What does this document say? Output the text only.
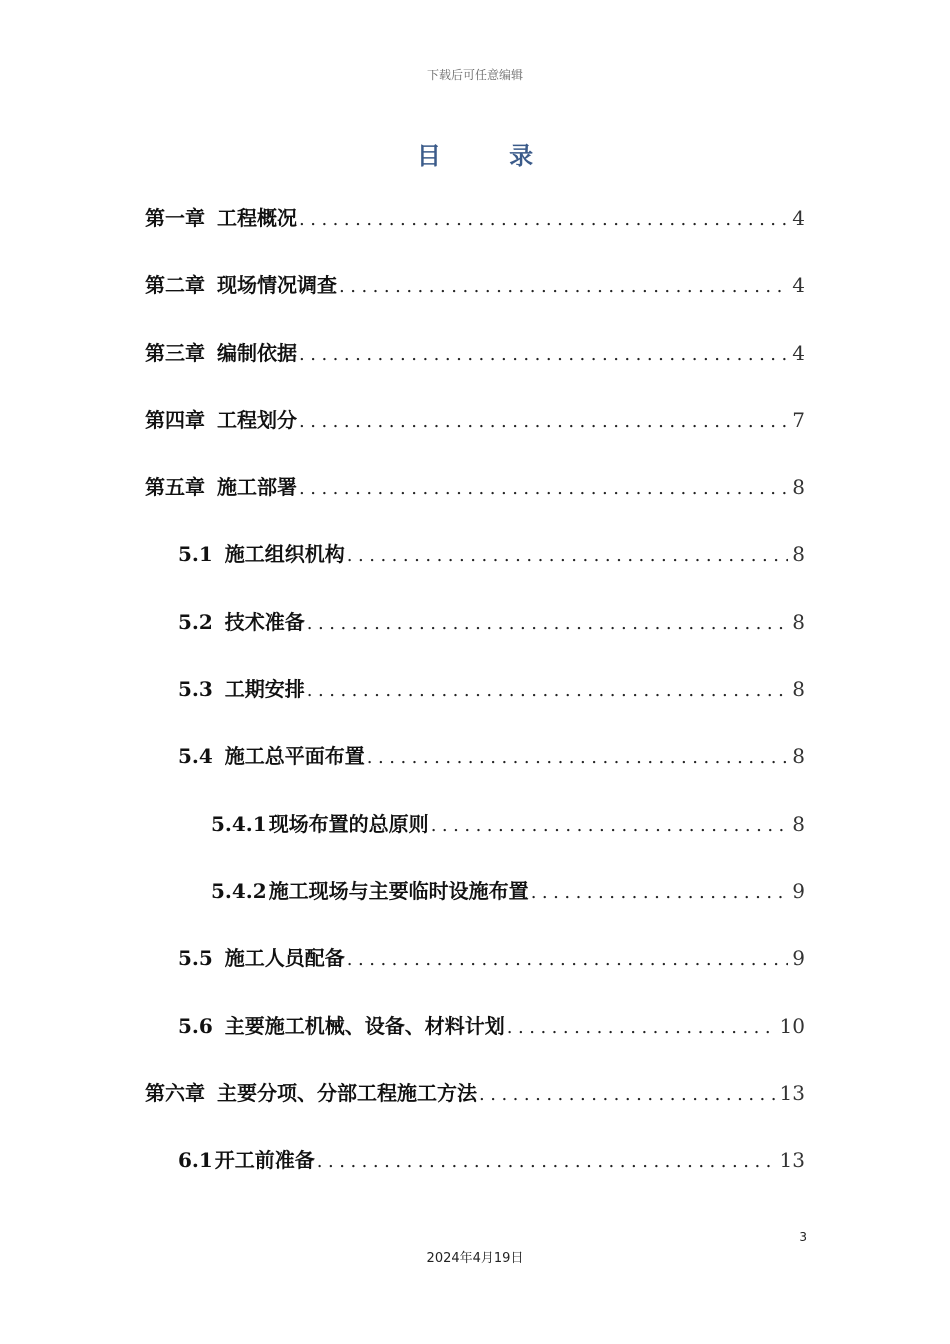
下载后可任意编辑
目 录
第一章 工程概况 .....	4
第二章 现场情况调查 .....	4
第三章 编制依据 .....	4
第四章 工程划分 .....	7
第五章 施工部署 .....	8
5.1 施工组织机构 .....	8
5.2 技术准备 .....	8
5.3 工期安排 .....	8
5.4 施工总平面布置 .....	8
5.4.1 现场布置的总原则 .....	8
5.4.2 施工现场与主要临时设施布置 .....	9
5.5 施工人员配备 .....	9
5.6 主要施工机械、设备、材料计划 .....	10
第六章 主要分项、分部工程施工方法 .....	13
6.1 开工前准备 .....	13
3
2024年4月19日
